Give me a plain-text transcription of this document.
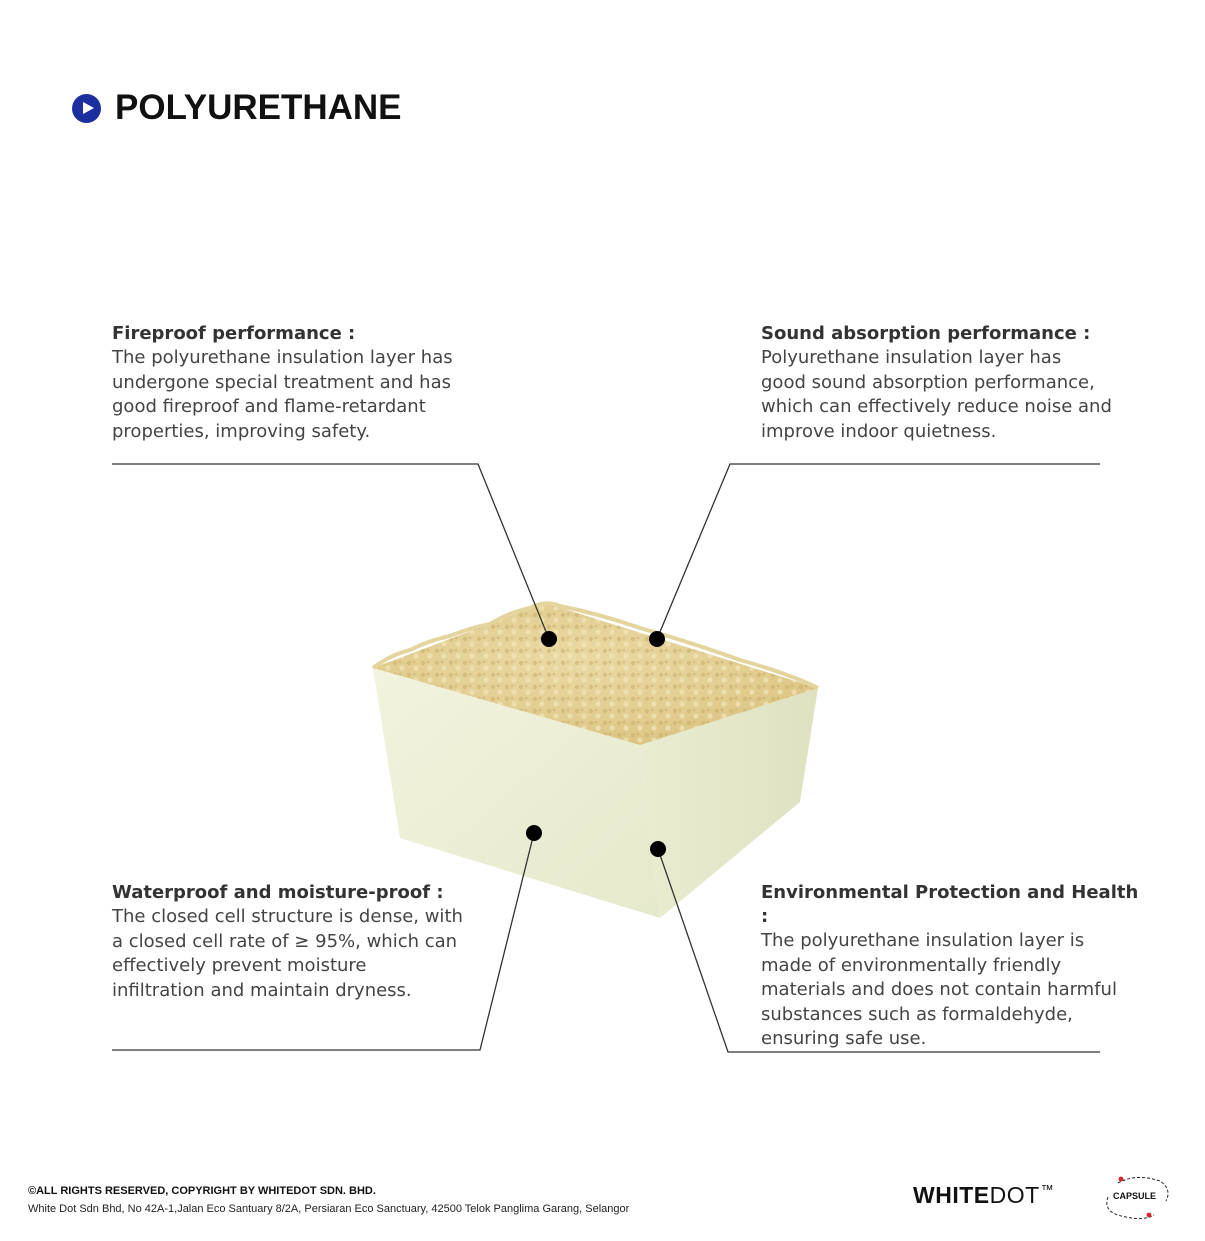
POLYURETHANE
Fireproof performance :

The polyurethane insulation layer has

undergone special treatment and has

good fireproof and flame-retardant

properties, improving safety.

Sound absorption performance :

Polyurethane insulation layer has

good sound absorption performance,

which can effectively reduce noise and

improve indoor quietness.

Waterproof and moisture-proof :

The closed cell structure is dense, with

a closed cell rate of ≥ 95%, which can

effectively prevent moisture

infiltration and maintain dryness.

Environmental Protection and Health :

The polyurethane insulation layer is

made of environmentally friendly

materials and does not contain harmful

substances such as formaldehyde,

ensuring safe use.

©ALL RIGHTS RESERVED, COPYRIGHT BY WHITEDOT SDN. BHD.
White Dot Sdn Bhd, No 42A-1,Jalan Eco Santuary 8/2A, Persiaran Eco Sanctuary, 42500 Telok Panglima Garang, Selangor
WHITEDOT™	CAPSULE
